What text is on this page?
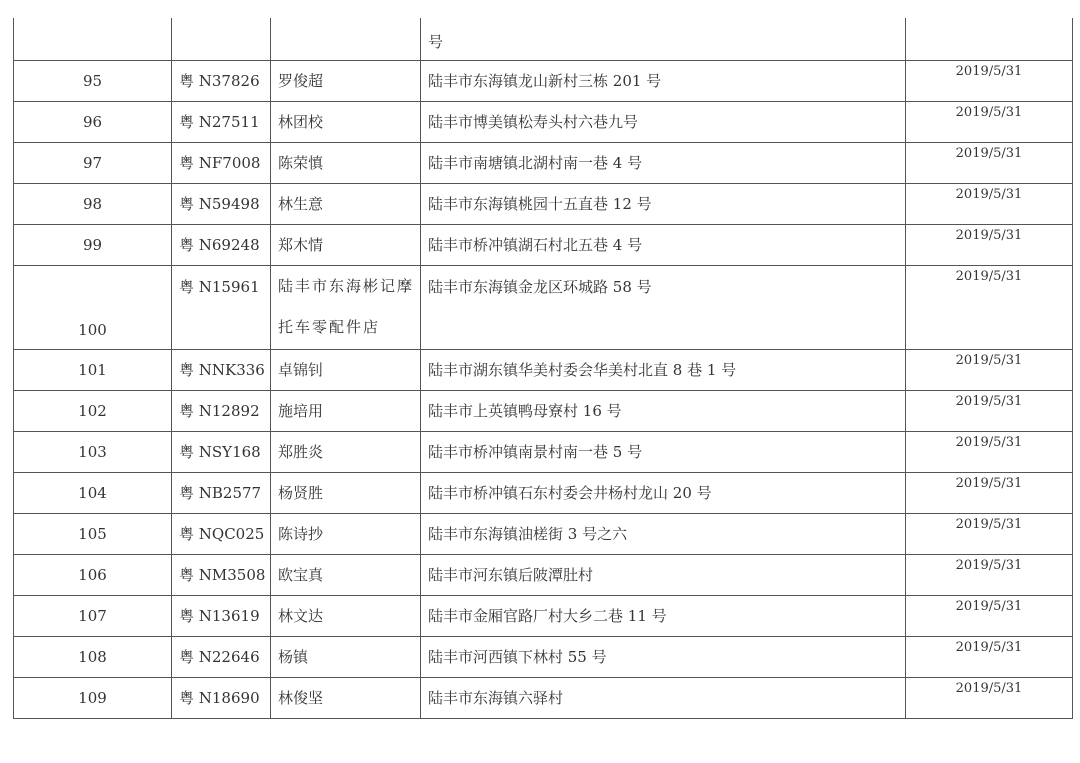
			号	
95	粤 N37826	罗俊超	陆丰市东海镇龙山新村三栋 201 号	2019/5/31
96	粤 N27511	林团校	陆丰市博美镇松寿头村六巷九号	2019/5/31
97	粤 NF7008	陈荣慎	陆丰市南塘镇北湖村南一巷 4 号	2019/5/31
98	粤 N59498	林生意	陆丰市东海镇桃园十五直巷 12 号	2019/5/31
99	粤 N69248	郑木情	陆丰市桥冲镇湖石村北五巷 4 号	2019/5/31
100	粤 N15961	陆丰市东海彬记摩托车零配件店	陆丰市东海镇金龙区环城路 58 号	2019/5/31
101	粤 NNK336	卓锦钊	陆丰市湖东镇华美村委会华美村北直 8 巷 1 号	2019/5/31
102	粤 N12892	施培用	陆丰市上英镇鸭母寮村 16 号	2019/5/31
103	粤 NSY168	郑胜炎	陆丰市桥冲镇南景村南一巷 5 号	2019/5/31
104	粤 NB2577	杨贤胜	陆丰市桥冲镇石东村委会井杨村龙山 20 号	2019/5/31
105	粤 NQC025	陈诗抄	陆丰市东海镇油槎街 3 号之六	2019/5/31
106	粤 NM3508	欧宝真	陆丰市河东镇后陂潭肚村	2019/5/31
107	粤 N13619	林文达	陆丰市金厢官路厂村大乡二巷 11 号	2019/5/31
108	粤 N22646	杨镇	陆丰市河西镇下林村 55 号	2019/5/31
109	粤 N18690	林俊坚	陆丰市东海镇六驿村	2019/5/31
